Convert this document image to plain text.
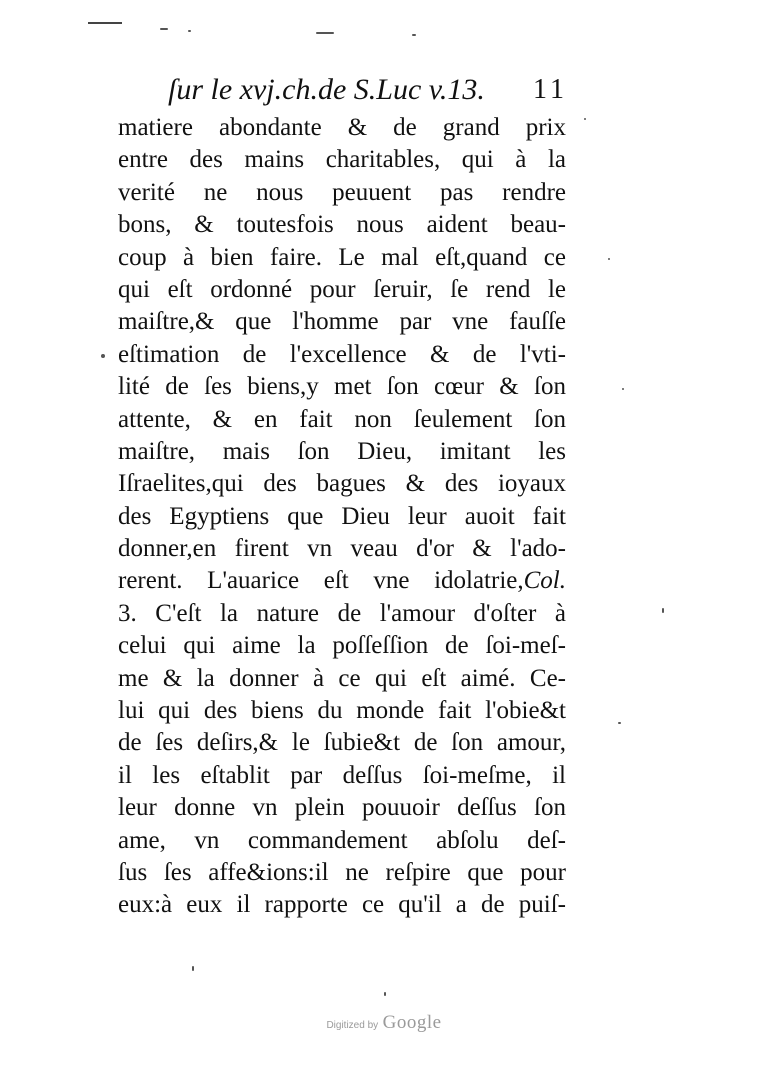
ſur le xvj.ch.de S.Luc v.13. 11
matiere abondante & de grand prix
entre des mains charitables, qui à la
verité ne nous peuuent pas rendre
bons, & toutesfois nous aident beau-
coup à bien faire. Le mal eſt,quand ce
qui eſt ordonné pour ſeruir, ſe rend le
maiſtre,& que l'homme par vne fauſſe
eſtimation de l'excellence & de l'vti-
lité de ſes biens,y met ſon cœur & ſon
attente, & en fait non ſeulement ſon
maiſtre, mais ſon Dieu, imitant les
Iſraelites,qui des bagues & des ioyaux
des Egyptiens que Dieu leur auoit fait
donner,en firent vn veau d'or & l'ado-
rerent. L'auarice eſt vne idolatrie,Col.
3. C'eſt la nature de l'amour d'oſter à
celui qui aime la poſſeſſion de ſoi-meſ-
me & la donner à ce qui eſt aimé. Ce-
lui qui des biens du monde fait l'obie&t
de ſes deſirs,& le ſubie&t de ſon amour,
il les eſtablit par deſſus ſoi-meſme, il
leur donne vn plein pouuoir deſſus ſon
ame, vn commandement abſolu deſ-
ſus ſes affe&ions:il ne reſpire que pour
eux:à eux il rapporte ce qu'il a de puiſ-
Digitized by Google
